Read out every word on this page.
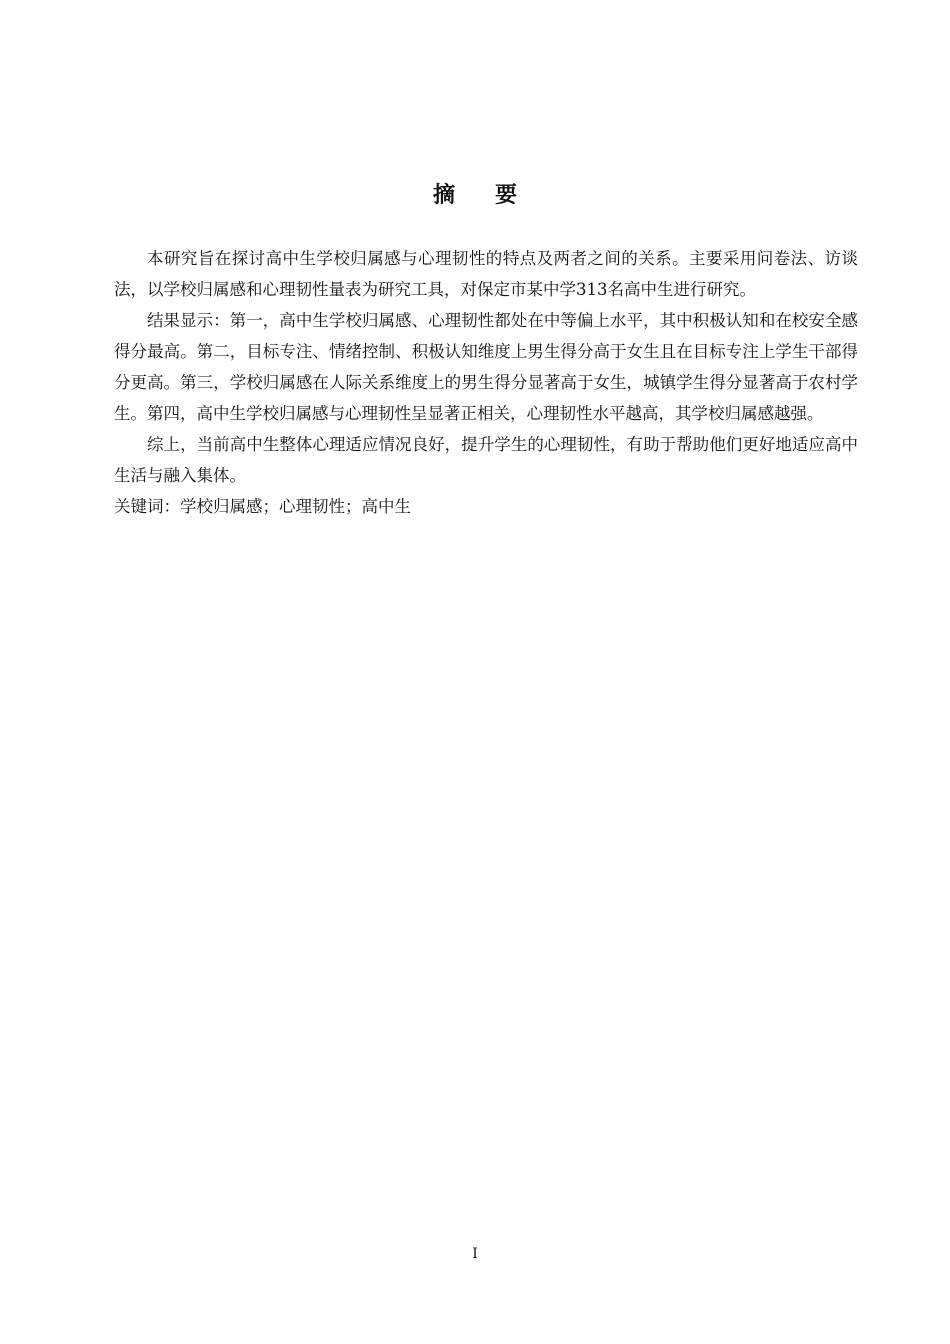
摘要

本研究旨在探讨高中生学校归属感与心理韧性的特点及两者之间的关系。主要采用问卷法、访谈法，以学校归属感和心理韧性量表为研究工具，对保定市某中学313名高中生进行研究。

结果显示：第一，高中生学校归属感、心理韧性都处在中等偏上水平，其中积极认知和在校安全感得分最高。第二，目标专注、情绪控制、积极认知维度上男生得分高于女生且在目标专注上学生干部得分更高。第三，学校归属感在人际关系维度上的男生得分显著高于女生，城镇学生得分显著高于农村学生。第四，高中生学校归属感与心理韧性呈显著正相关，心理韧性水平越高，其学校归属感越强。

综上，当前高中生整体心理适应情况良好，提升学生的心理韧性，有助于帮助他们更好地适应高中生活与融入集体。

关键词：学校归属感；心理韧性；高中生

I
